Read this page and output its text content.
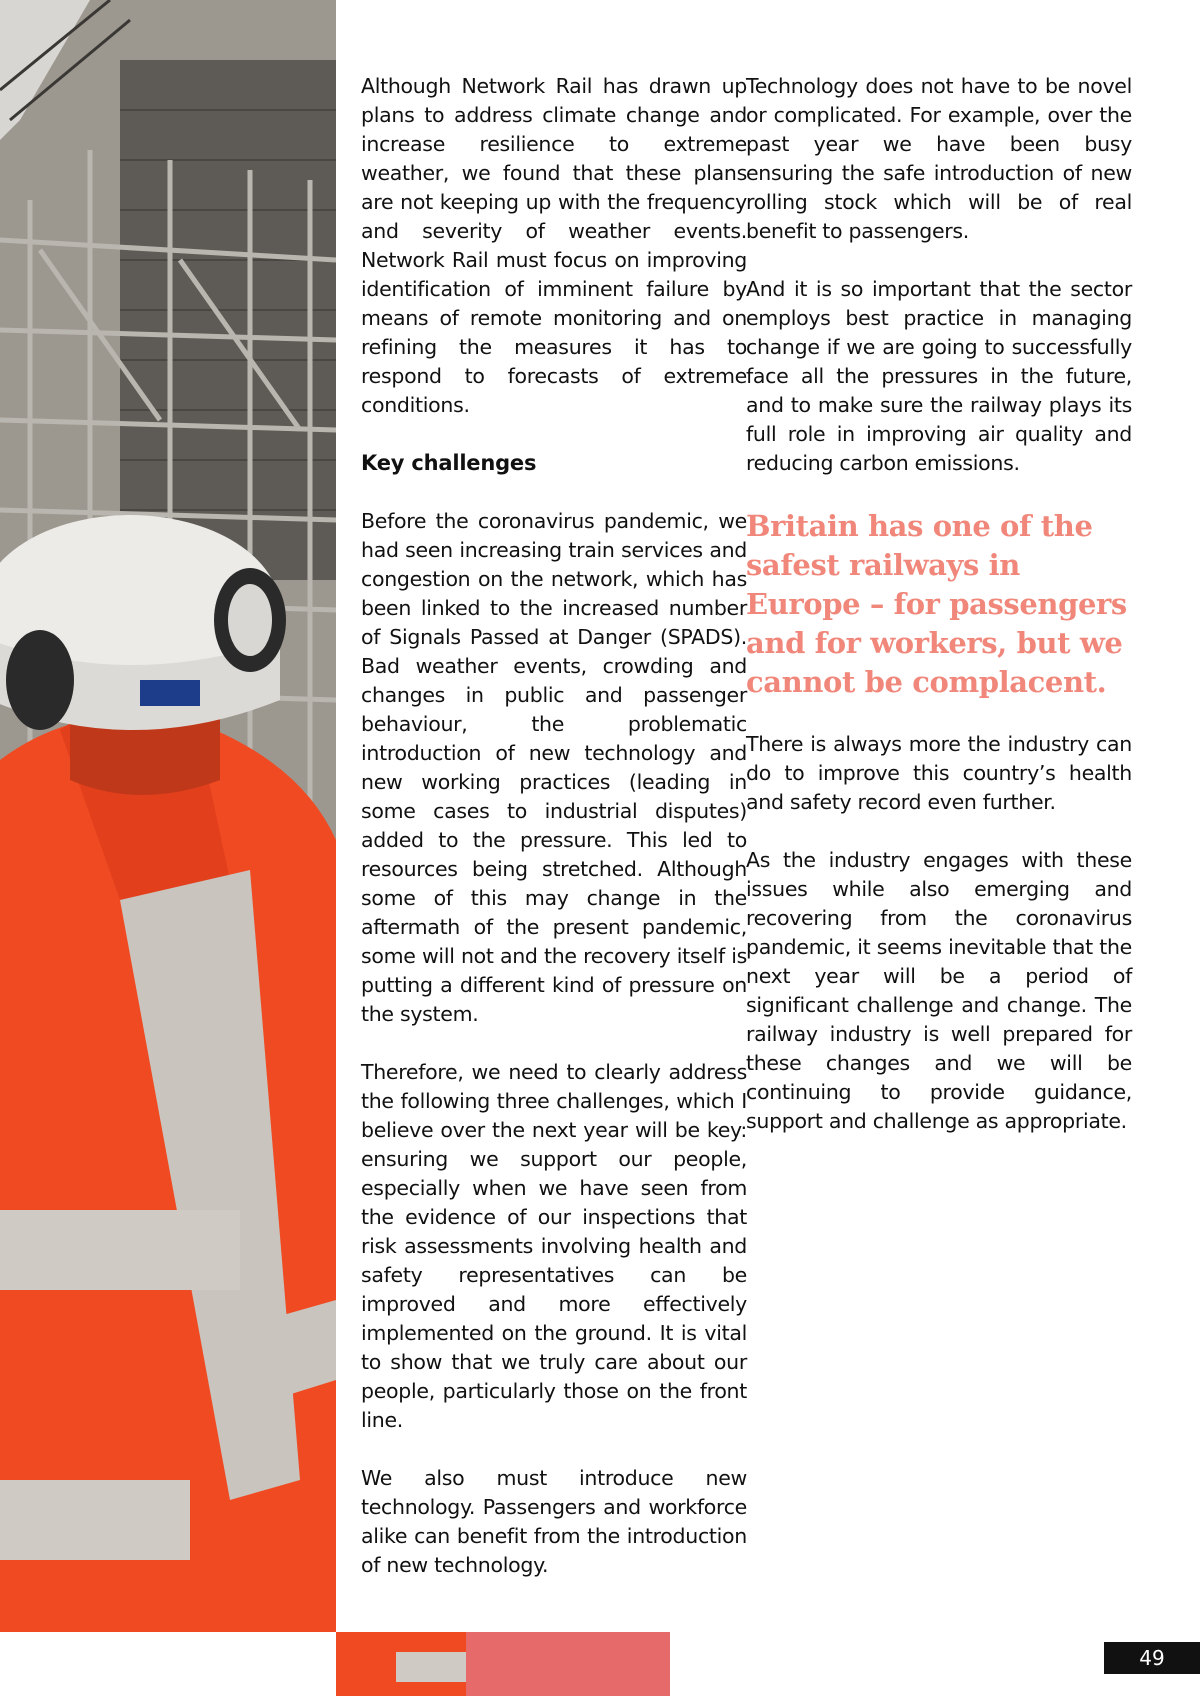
Although Network Rail has drawn up plans to address climate change and increase resilience to extreme weather, we found that these plans are not keeping up with the frequency and severity of weather events. Network Rail must focus on improving identification of imminent failure by means of remote monitoring and on refining the measures it has to respond to forecasts of extreme conditions.

Key challenges

Before the coronavirus pandemic, we had seen increasing train services and congestion on the network, which has been linked to the increased number of Signals Passed at Danger (SPADS). Bad weather events, crowding and changes in public and passenger behaviour, the problematic introduction of new technology and new working practices (leading in some cases to industrial disputes) added to the pressure. This led to resources being stretched. Although some of this may change in the aftermath of the present pandemic, some will not and the recovery itself is putting a different kind of pressure on the system.

Therefore, we need to clearly address the following three challenges, which I believe over the next year will be key: ensuring we support our people, especially when we have seen from the evidence of our inspections that risk assessments involving health and safety representatives can be improved and more effectively implemented on the ground. It is vital to show that we truly care about our people, particularly those on the front line.

We also must introduce new technology. Passengers and workforce alike can benefit from the introduction of new technology.

Technology does not have to be novel or complicated. For example, over the past year we have been busy ensuring the safe introduction of new rolling stock which will be of real benefit to passengers.

And it is so important that the sector employs best practice in managing change if we are going to successfully face all the pressures in the future, and to make sure the railway plays its full role in improving air quality and reducing carbon emissions.

Britain has one of the safest railways in Europe – for passengers and for workers, but we cannot be complacent.

There is always more the industry can do to improve this country’s health and safety record even further.

As the industry engages with these issues while also emerging and recovering from the coronavirus pandemic, it seems inevitable that the next year will be a period of significant challenge and change. The railway industry is well prepared for these changes and we will be continuing to provide guidance, support and challenge as appropriate.

49
